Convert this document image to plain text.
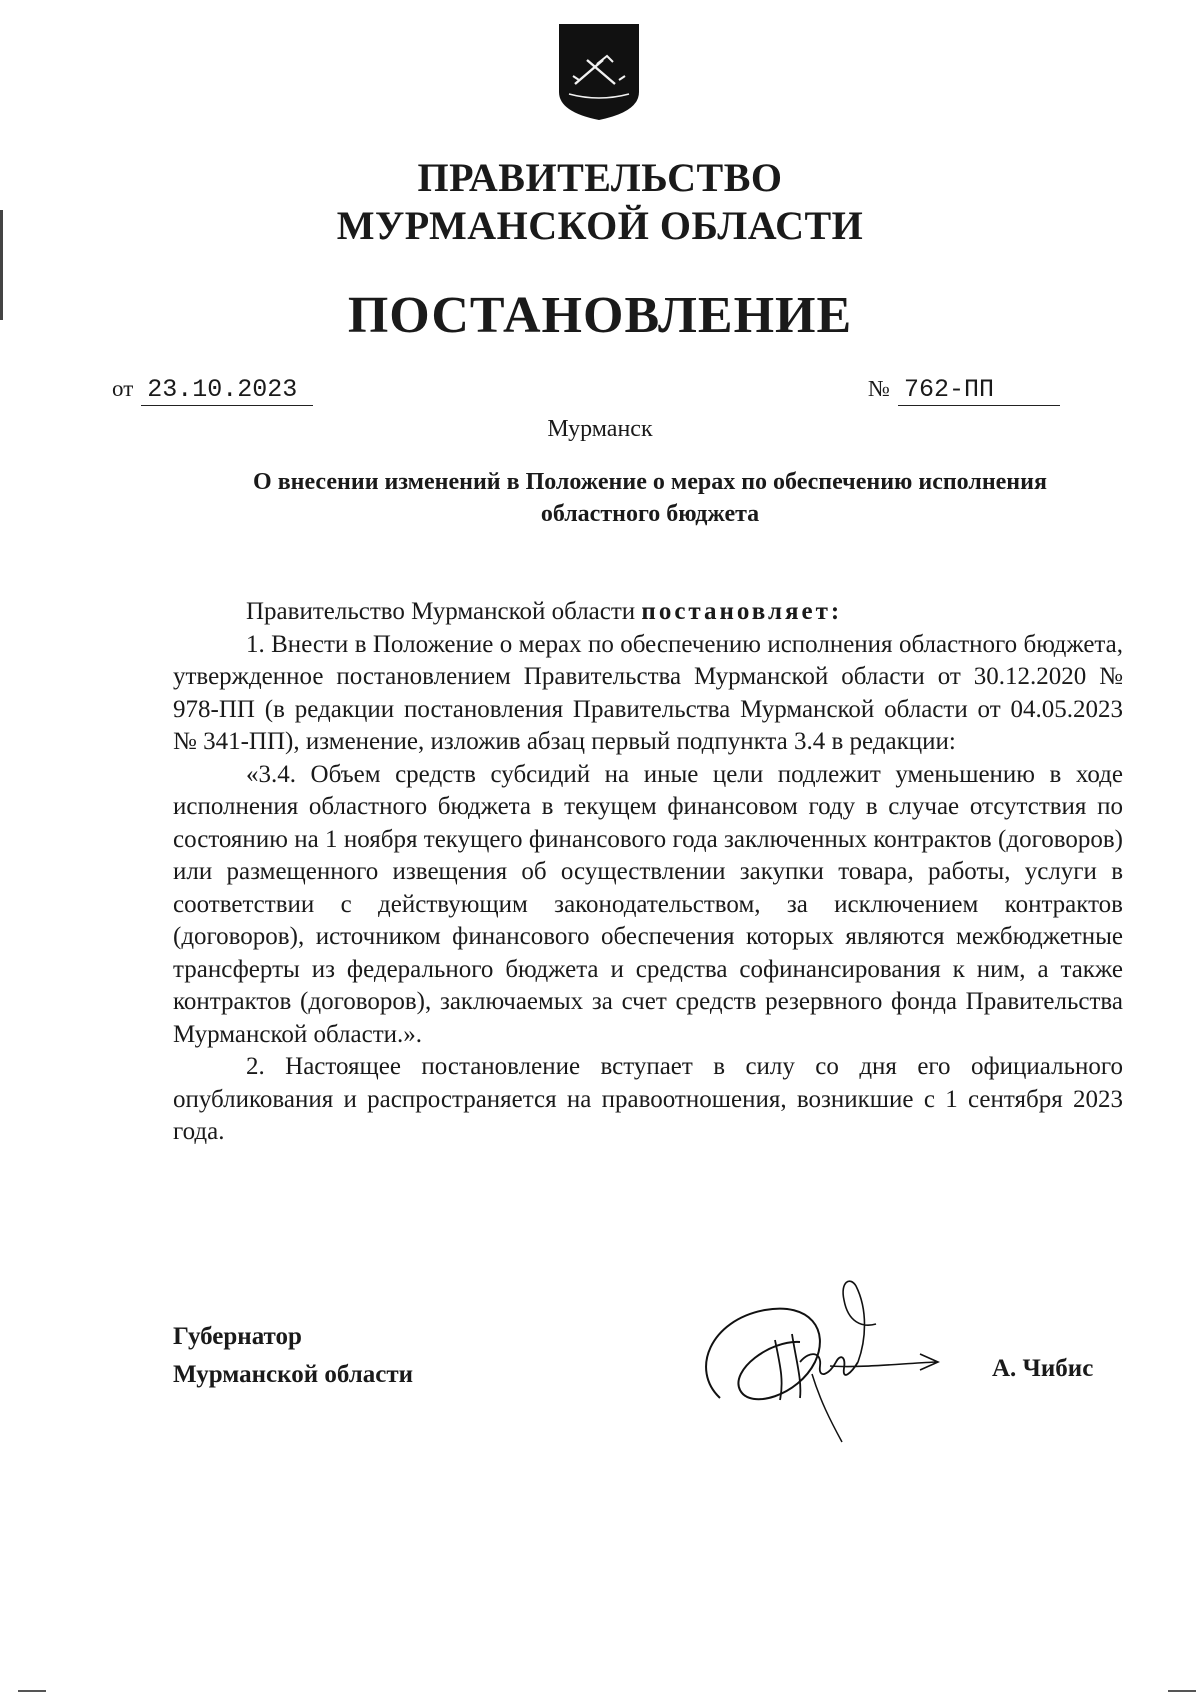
ПРАВИТЕЛЬСТВО
МУРМАНСКОЙ ОБЛАСТИ
ПОСТАНОВЛЕНИЕ
от 23.10.2023	№ 762-ПП
Мурманск
О внесении изменений в Положение о мерах по обеспечению исполнения
областного бюджета

Правительство Мурманской области постановляет:

1. Внести в Положение о мерах по обеспечению исполнения областного бюджета, утвержденное постановлением Правительства Мурманской области от 30.12.2020 № 978-ПП (в редакции постановления Правительства Мурманской области от 04.05.2023 № 341-ПП), изменение, изложив абзац первый подпункта 3.4 в редакции:

«3.4. Объем средств субсидий на иные цели подлежит уменьшению в ходе исполнения областного бюджета в текущем финансовом году в случае отсутствия по состоянию на 1 ноября текущего финансового года заключенных контрактов (договоров) или размещенного извещения об осуществлении закупки товара, работы, услуги в соответствии с действующим законодательством, за исключением контрактов (договоров), источником финансового обеспечения которых являются межбюджетные трансферты из федерального бюджета и средства софинансирования к ним, а также контрактов (договоров), заключаемых за счет средств резервного фонда Правительства Мурманской области.».

2. Настоящее постановление вступает в силу со дня его официального опубликования и распространяется на правоотношения, возникшие с 1 сентября 2023 года.

Губернатор
Мурманской области	А. Чибис
